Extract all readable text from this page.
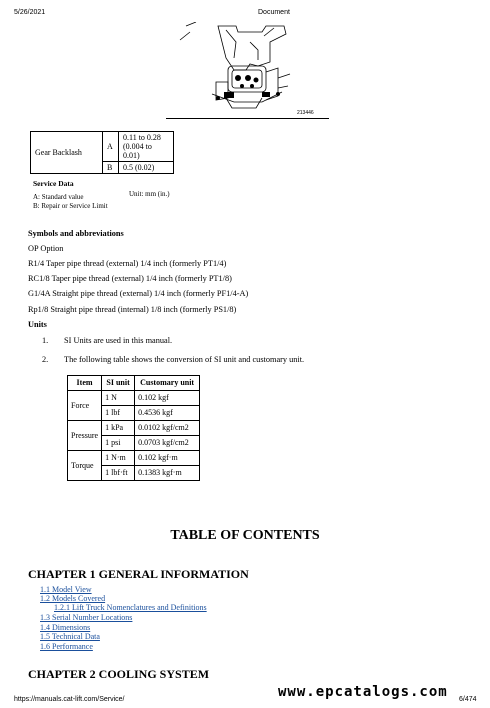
5/26/2021	Document
213446
Gear Backlash	A	0.11 to 0.28
(0.004 to 0.01)

	B	0.5 (0.02)
Service Data
A: Standard value	Unit: mm (in.)
B: Repair or Service Limit
Symbols and abbreviations
OP Option
R1/4 Taper pipe thread (external) 1/4 inch (formerly PT1/4)
RC1/8 Taper pipe thread (external) 1/4 inch (formerly PT1/8)
G1/4A Straight pipe thread (external) 1/4 inch (formerly PF1/4-A)
Rp1/8 Straight pipe thread (internal) 1/8 inch (formerly PS1/8)
Units
1. SI Units are used in this manual.
2. The following table shows the conversion of SI unit and customary unit.
Item	SI unit	Customary unit
Force	1 N	0.102 kgf
	1 lbf	0.4536 kgf
Pressure	1 kPa	0.0102 kgf/cm2
	1 psi	0.0703 kgf/cm2
Torque	1 N·m	0.102 kgf·m
	1 lbf·ft	0.1383 kgf·m
TABLE OF CONTENTS
CHAPTER 1 GENERAL INFORMATION
1.1 Model View
1.2 Models Covered
1.2.1 Lift Truck Nomenclatures and Definitions
1.3 Serial Number Locations
1.4 Dimensions
1.5 Technical Data
1.6 Performance
CHAPTER 2 COOLING SYSTEM
www.epcatalogs.com
https://manuals.cat-lift.com/Service/	6/474
